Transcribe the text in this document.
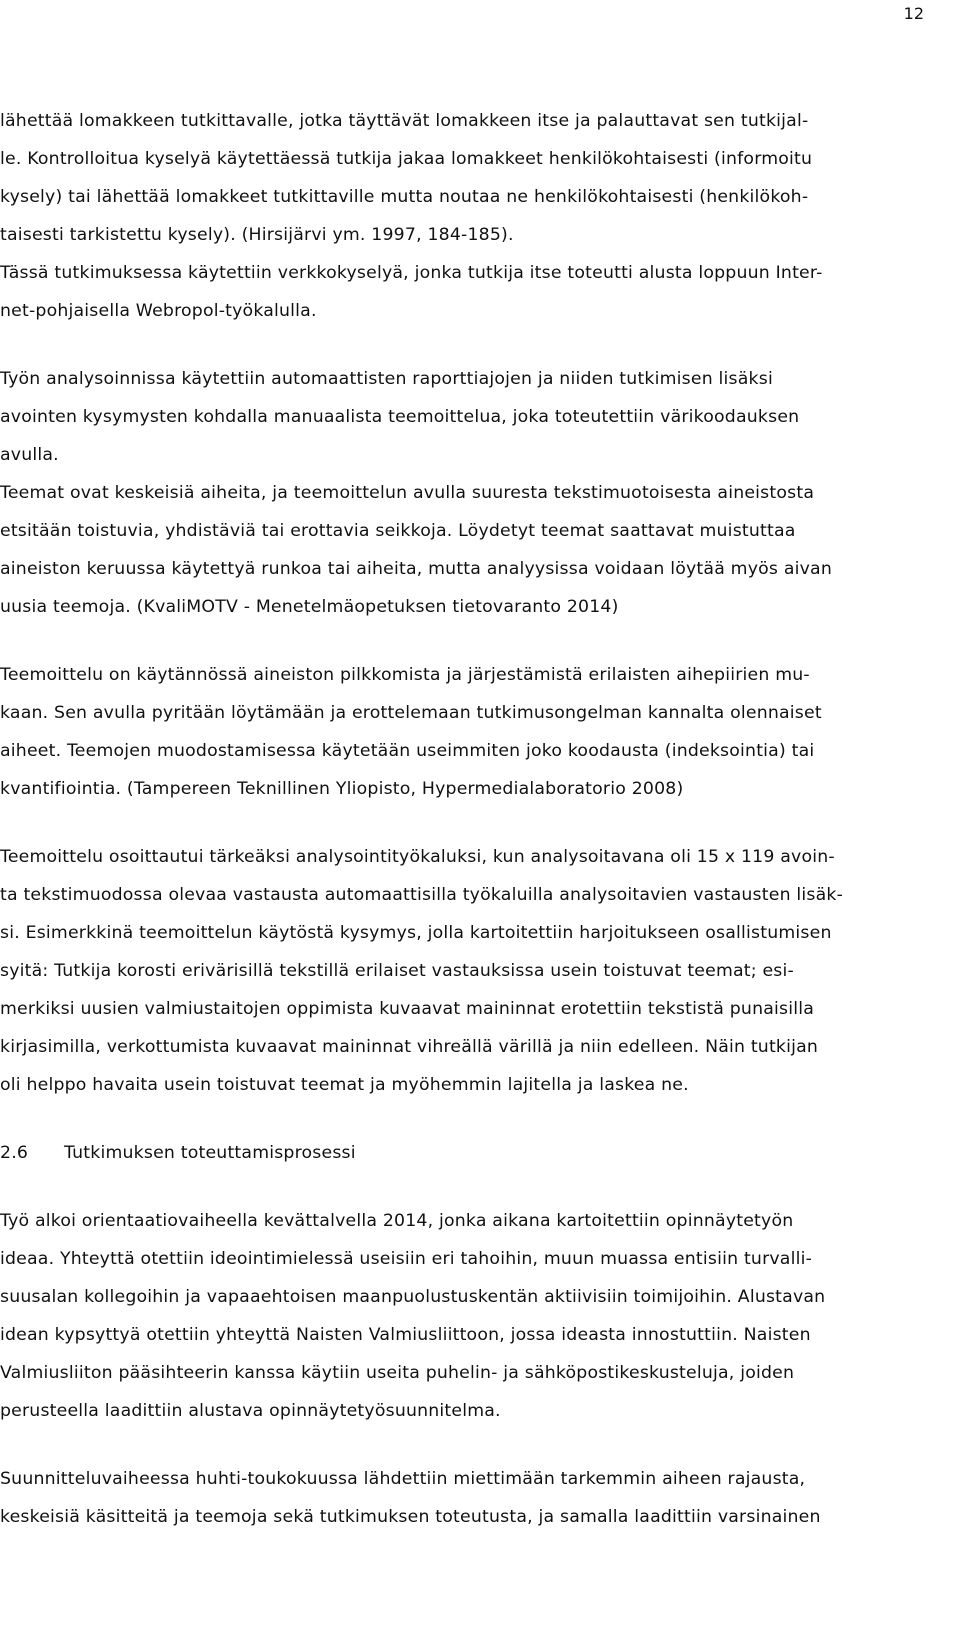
12

lähettää lomakkeen tutkittavalle, jotka täyttävät lomakkeen itse ja palauttavat sen tutkijal-
le. Kontrolloitua kyselyä käytettäessä tutkija jakaa lomakkeet henkilökohtaisesti (informoitu
kysely) tai lähettää lomakkeet tutkittaville mutta noutaa ne henkilökohtaisesti (henkilökoh-
taisesti tarkistettu kysely). (Hirsijärvi ym. 1997, 184-185).

Tässä tutkimuksessa käytettiin verkkokyselyä, jonka tutkija itse toteutti alusta loppuun Inter-
net-pohjaisella Webropol-työkalulla.

Työn analysoinnissa käytettiin automaattisten raporttiajojen ja niiden tutkimisen lisäksi
avointen kysymysten kohdalla manuaalista teemoittelua, joka toteutettiin värikoodauksen
avulla.

Teemat ovat keskeisiä aiheita, ja teemoittelun avulla suuresta tekstimuotoisesta aineistosta
etsitään toistuvia, yhdistäviä tai erottavia seikkoja. Löydetyt teemat saattavat muistuttaa
aineiston keruussa käytettyä runkoa tai aiheita, mutta analyysissa voidaan löytää myös aivan
uusia teemoja. (KvaliMOTV - Menetelmäopetuksen tietovaranto 2014)

Teemoittelu on käytännössä aineiston pilkkomista ja järjestämistä erilaisten aihepiirien mu-
kaan. Sen avulla pyritään löytämään ja erottelemaan tutkimusongelman kannalta olennaiset
aiheet. Teemojen muodostamisessa käytetään useimmiten joko koodausta (indeksointia) tai
kvantifiointia. (Tampereen Teknillinen Yliopisto, Hypermedialaboratorio 2008)

Teemoittelu osoittautui tärkeäksi analysointityökaluksi, kun analysoitavana oli 15 x 119 avoin-
ta tekstimuodossa olevaa vastausta automaattisilla työkaluilla analysoitavien vastausten lisäk-
si. Esimerkkinä teemoittelun käytöstä kysymys, jolla kartoitettiin harjoitukseen osallistumisen
syitä: Tutkija korosti erivärisillä tekstillä erilaiset vastauksissa usein toistuvat teemat; esi-
merkiksi uusien valmiustaitojen oppimista kuvaavat maininnat erotettiin tekstistä punaisilla
kirjasimilla, verkottumista kuvaavat maininnat vihreällä värillä ja niin edelleen. Näin tutkijan
oli helppo havaita usein toistuvat teemat ja myöhemmin lajitella ja laskea ne.

2.6 Tutkimuksen toteuttamisprosessi

Työ alkoi orientaatiovaiheella kevättalvella 2014, jonka aikana kartoitettiin opinnäytetyön
ideaa. Yhteyttä otettiin ideointimielessä useisiin eri tahoihin, muun muassa entisiin turvalli-
suusalan kollegoihin ja vapaaehtoisen maanpuolustuskentän aktiivisiin toimijoihin. Alustavan
idean kypsyttyä otettiin yhteyttä Naisten Valmiusliittoon, jossa ideasta innostuttiin. Naisten
Valmiusliiton pääsihteerin kanssa käytiin useita puhelin- ja sähköpostikeskusteluja, joiden
perusteella laadittiin alustava opinnäytetyösuunnitelma.

Suunnitteluvaiheessa huhti-toukokuussa lähdettiin miettimään tarkemmin aiheen rajausta,
keskeisiä käsitteitä ja teemoja sekä tutkimuksen toteutusta, ja samalla laadittiin varsinainen
